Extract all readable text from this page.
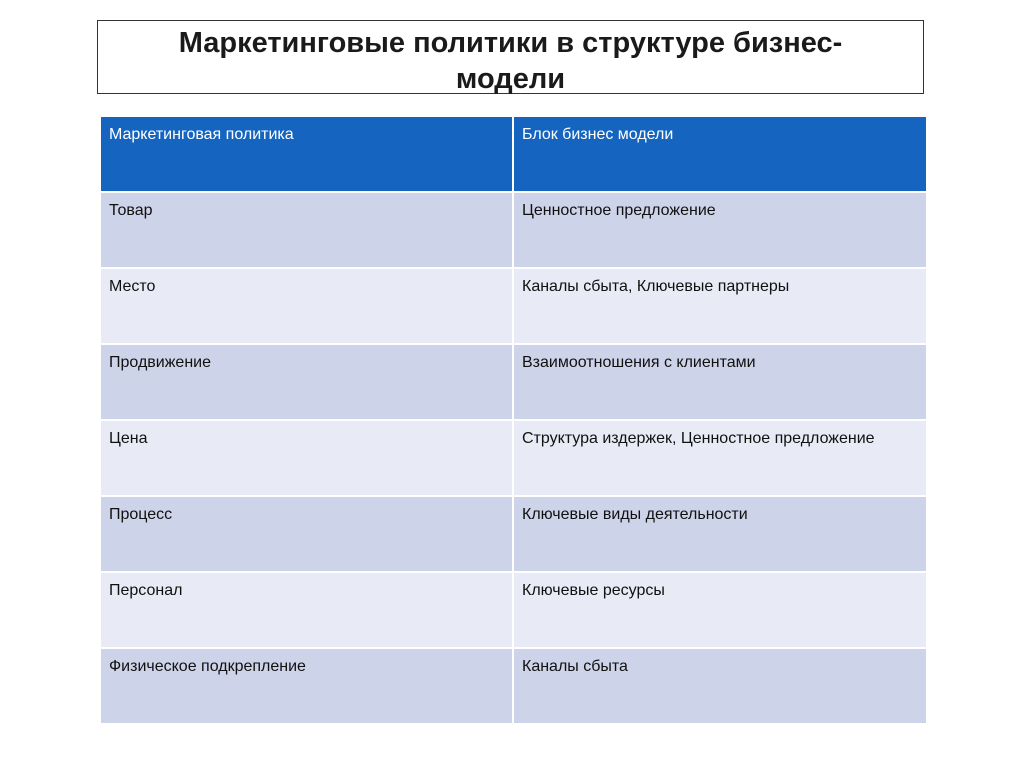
Маркетинговые политики в структуре бизнес-модели
Маркетинговая политика	Блок бизнес модели
Товар	Ценностное предложение
Место	Каналы сбыта, Ключевые партнеры
Продвижение	Взаимоотношения с клиентами
Цена	Структура издержек, Ценностное предложение
Процесс	Ключевые виды деятельности
Персонал	Ключевые ресурсы
Физическое подкрепление	Каналы сбыта
